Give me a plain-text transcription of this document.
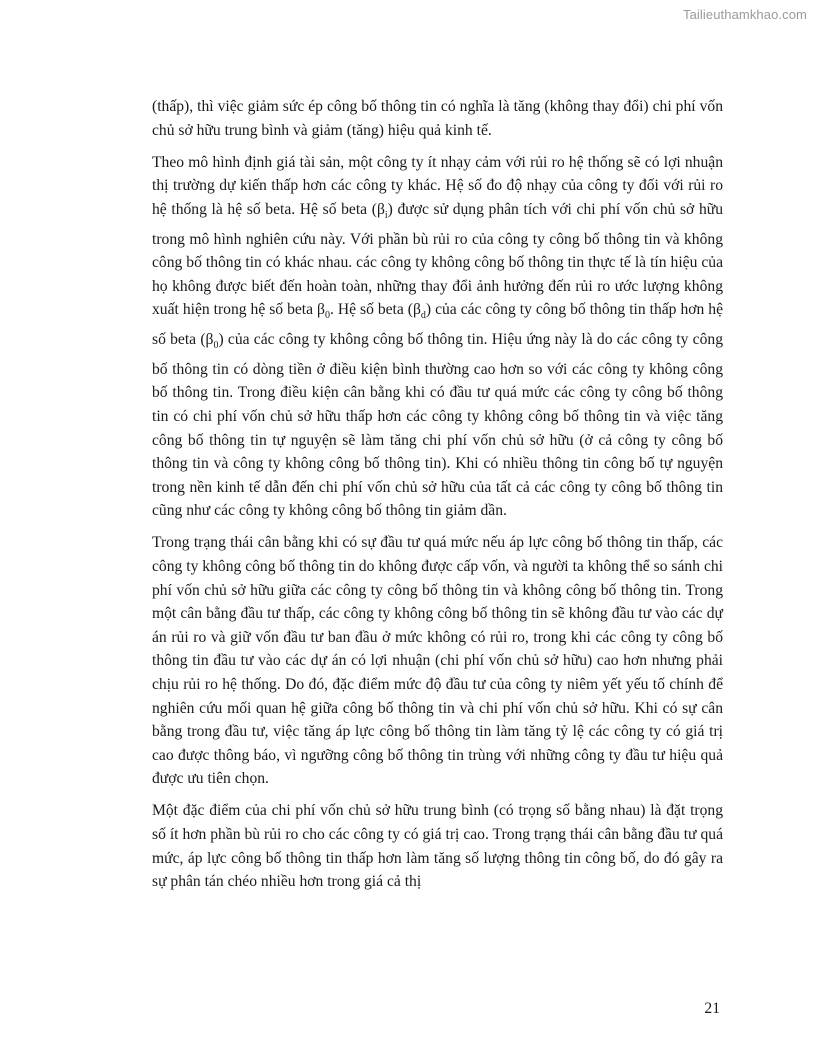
Tailieuthamkhao.com

(thấp), thì việc giảm sức ép công bố thông tin có nghĩa là tăng (không thay đổi) chi phí vốn chủ sở hữu trung bình và giảm (tăng) hiệu quả kinh tế.

Theo mô hình định giá tài sản, một công ty ít nhạy cảm với rủi ro hệ thống sẽ có lợi nhuận thị trường dự kiến thấp hơn các công ty khác. Hệ số đo độ nhạy của công ty đối với rủi ro hệ thống là hệ số beta. Hệ số beta $(\beta_i)$ được sử dụng phân tích với chi phí vốn chủ sở hữu trong mô hình nghiên cứu này. Với phần bù rủi ro của công ty công bố thông tin và không công bố thông tin có khác nhau. các công ty không công bố thông tin thực tế là tín hiệu của họ không được biết đến hoàn toàn, những thay đổi ảnh hưởng đến rủi ro ước lượng không xuất hiện trong hệ số beta $\beta_0$. Hệ số beta $(\beta_d)$ của các công ty công bố thông tin thấp hơn hệ số beta $(\beta_0)$ của các công ty không công bố thông tin. Hiệu ứng này là do các công ty công bố thông tin có dòng tiền ở điều kiện bình thường cao hơn so với các công ty không công bố thông tin. Trong điều kiện cân bằng khi có đầu tư quá mức các công ty công bố thông tin có chi phí vốn chủ sở hữu thấp hơn các công ty không công bố thông tin và việc tăng công bố thông tin tự nguyện sẽ làm tăng chi phí vốn chủ sở hữu (ở cả công ty công bố thông tin và công ty không công bố thông tin). Khi có nhiều thông tin công bố tự nguyện trong nền kinh tế dẫn đến chi phí vốn chủ sở hữu của tất cả các công ty công bố thông tin cũng như các công ty không công bố thông tin giảm dần.

Trong trạng thái cân bằng khi có sự đầu tư quá mức nếu áp lực công bố thông tin thấp, các công ty không công bố thông tin do không được cấp vốn, và người ta không thể so sánh chi phí vốn chủ sở hữu giữa các công ty công bố thông tin và không công bố thông tin. Trong một cân bằng đầu tư thấp, các công ty không công bố thông tin sẽ không đầu tư vào các dự án rủi ro và giữ vốn đầu tư ban đầu ở mức không có rủi ro, trong khi các công ty công bố thông tin đầu tư vào các dự án có lợi nhuận (chi phí vốn chủ sở hữu) cao hơn nhưng phải chịu rủi ro hệ thống. Do đó, đặc điểm mức độ đầu tư của công ty niêm yết yếu tố chính để nghiên cứu mối quan hệ giữa công bố thông tin và chi phí vốn chủ sở hữu. Khi có sự cân bằng trong đầu tư, việc tăng áp lực công bố thông tin làm tăng tỷ lệ các công ty có giá trị cao được thông báo, vì ngưỡng công bố thông tin trùng với những công ty đầu tư hiệu quả được ưu tiên chọn.

Một đặc điểm của chi phí vốn chủ sở hữu trung bình (có trọng số bằng nhau) là đặt trọng số ít hơn phần bù rủi ro cho các công ty có giá trị cao. Trong trạng thái cân bằng đầu tư quá mức, áp lực công bố thông tin thấp hơn làm tăng số lượng thông tin công bố, do đó gây ra sự phân tán chéo nhiều hơn trong giá cả thị

21
